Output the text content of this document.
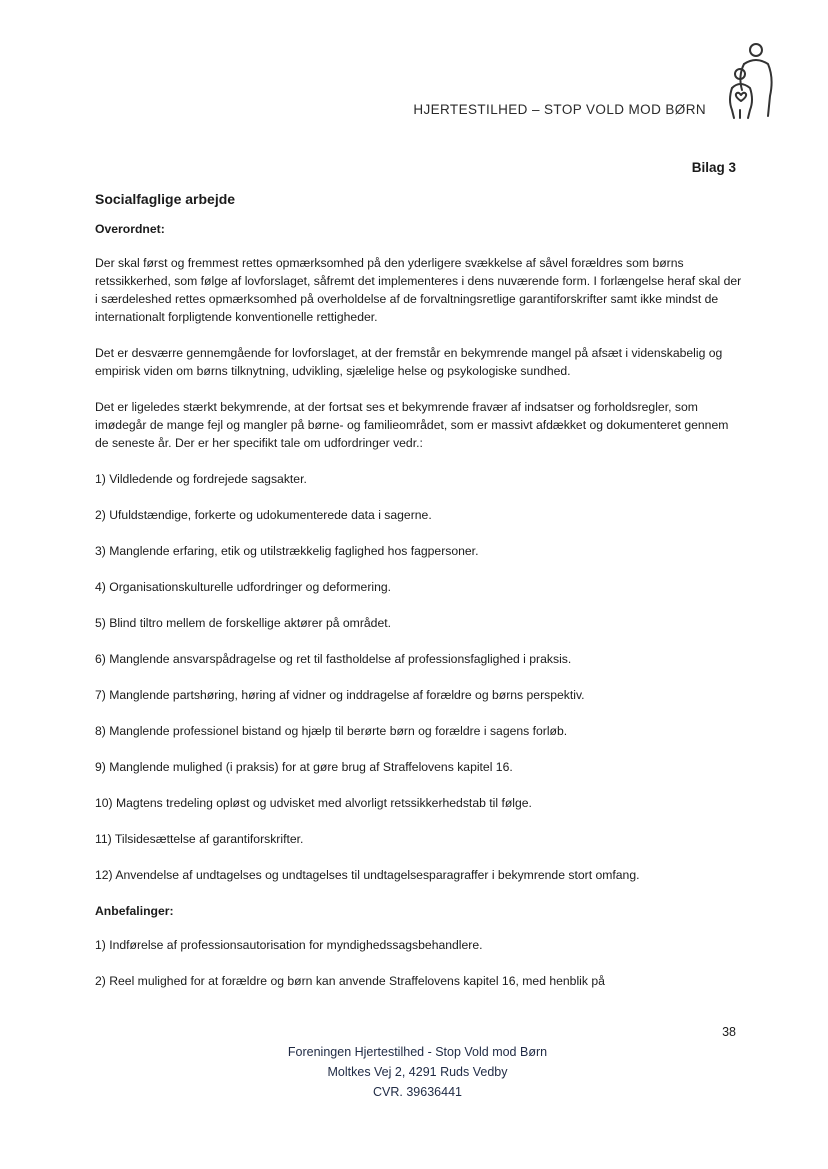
HJERTESTILHED – STOP VOLD MOD BØRN
Bilag 3
Socialfaglige arbejde
Overordnet:

Der skal først og fremmest rettes opmærksomhed på den yderligere svækkelse af såvel forældres som børns retssikkerhed, som følge af lovforslaget, såfremt det implementeres i dens nuværende form. I forlængelse heraf skal der i særdeleshed rettes opmærksomhed på overholdelse af de forvaltningsretlige garantiforskrifter samt ikke mindst de internationalt forpligtende konventionelle rettigheder.

Det er desværre gennemgående for lovforslaget, at der fremstår en bekymrende mangel på afsæt i videnskabelig og empirisk viden om børns tilknytning, udvikling, sjælelige helse og psykologiske sundhed.

Det er ligeledes stærkt bekymrende, at der fortsat ses et bekymrende fravær af indsatser og forholdsregler, som imødegår de mange fejl og mangler på børne- og familieområdet, som er massivt afdækket og dokumenteret gennem de seneste år. Der er her specifikt tale om udfordringer vedr.:

1) Vildledende og fordrejede sagsakter.
2) Ufuldstændige, forkerte og udokumenterede data i sagerne.
3) Manglende erfaring, etik og utilstrækkelig faglighed hos fagpersoner.
4) Organisationskulturelle udfordringer og deformering.
5) Blind tiltro mellem de forskellige aktører på området.
6) Manglende ansvarspådragelse og ret til fastholdelse af professionsfaglighed i praksis.
7) Manglende partshøring, høring af vidner og inddragelse af forældre og børns perspektiv.
8) Manglende professionel bistand og hjælp til berørte børn og forældre i sagens forløb.
9) Manglende mulighed (i praksis) for at gøre brug af Straffelovens kapitel 16.
10) Magtens tredeling opløst og udvisket med alvorligt retssikkerhedstab til følge.
11) Tilsidesættelse af garantiforskrifter.
12) Anvendelse af undtagelses og undtagelses til undtagelsesparagraffer i bekymrende stort omfang.
Anbefalinger:
1) Indførelse af professionsautorisation for myndighedssagsbehandlere.
2) Reel mulighed for at forældre og børn kan anvende Straffelovens kapitel 16, med henblik på
38
Foreningen Hjertestilhed - Stop Vold mod Børn
Moltkes Vej 2, 4291 Ruds Vedby
CVR. 39636441
